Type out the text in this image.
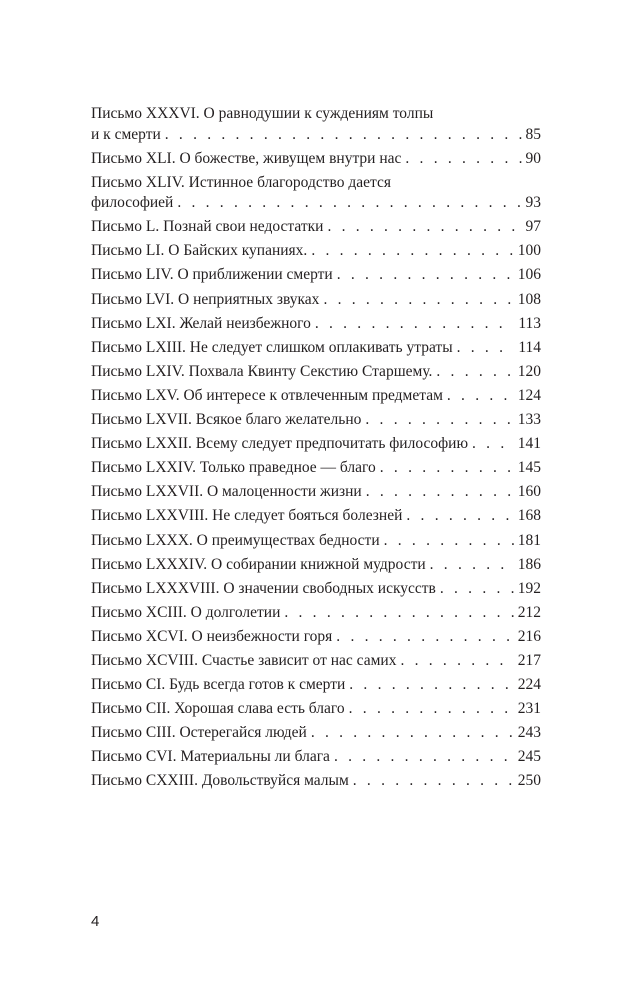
Письмо XXXVI. О равнодушии к суждениям толпы
и к смерти . . .	85
Письмо XLI. О божестве, живущем внутри нас . . .	90
Письмо XLIV. Истинное благородство дается
философией . . .	93
Письмо L. Познай свои недостатки . . .	97
Письмо LI. О Байских купаниях. . . .	100
Письмо LIV. О приближении смерти . . .	106
Письмо LVI. О неприятных звуках . . .	108
Письмо LXI. Желай неизбежного . . .	113
Письмо LXIII. Не следует слишком оплакивать утраты . . .	114
Письмо LXIV. Похвала Квинту Секстию Старшему. . . .	120
Письмо LXV. Об интересе к отвлеченным предметам . . .	124
Письмо LXVII. Всякое благо желательно . . .	133
Письмо LXXII. Всему следует предпочитать философию . . .	141
Письмо LXXIV. Только праведное — благо . . .	145
Письмо LXXVII. О малоценности жизни . . .	160
Письмо LXXVIII. Не следует бояться болезней . . .	168
Письмо LXXX. О преимуществах бедности . . .	181
Письмо LXXXIV. О собирании книжной мудрости . . .	186
Письмо LXXXVIII. О значении свободных искусств . . .	192
Письмо XCIII. О долголетии . . .	212
Письмо XCVI. О неизбежности горя . . .	216
Письмо XCVIII. Счастье зависит от нас самих . . .	217
Письмо CI. Будь всегда готов к смерти . . .	224
Письмо CII. Хорошая слава есть благо . . .	231
Письмо CIII. Остерегайся людей . . .	243
Письмо CVI. Материальны ли блага . . .	245
Письмо CXXIII. Довольствуйся малым . . .	250
4
